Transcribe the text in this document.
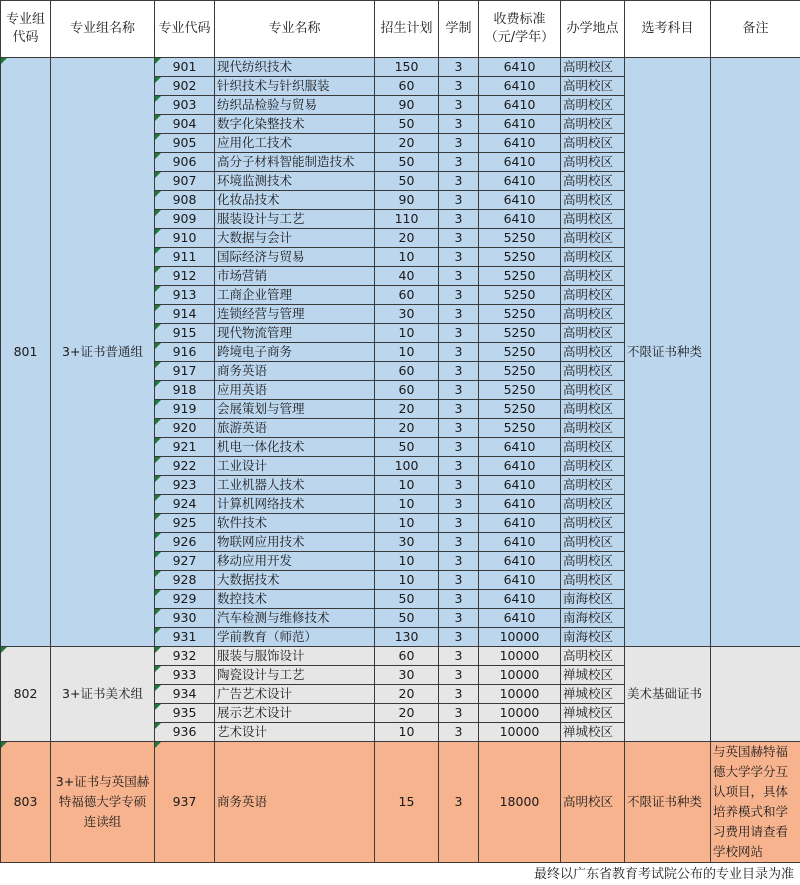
专业组代码	专业组名称	专业代码	专业名称	招生计划	学制	收费标准（元/学年）	办学地点	选考科目	备注
801	3+证书普通组	901	现代纺织技术	150	3	6410	高明校区	不限证书种类	
		902	针织技术与针织服装	60	3	6410	高明校区		
		903	纺织品检验与贸易	90	3	6410	高明校区		
		904	数字化染整技术	50	3	6410	高明校区		
		905	应用化工技术	20	3	6410	高明校区		
		906	高分子材料智能制造技术	50	3	6410	高明校区		
		907	环境监测技术	50	3	6410	高明校区		
		908	化妆品技术	90	3	6410	高明校区		
		909	服装设计与工艺	110	3	6410	高明校区		
		910	大数据与会计	20	3	5250	高明校区		
		911	国际经济与贸易	10	3	5250	高明校区		
		912	市场营销	40	3	5250	高明校区		
		913	工商企业管理	60	3	5250	高明校区		
		914	连锁经营与管理	30	3	5250	高明校区		
		915	现代物流管理	10	3	5250	高明校区		
		916	跨境电子商务	10	3	5250	高明校区		
		917	商务英语	60	3	5250	高明校区		
		918	应用英语	60	3	5250	高明校区		
		919	会展策划与管理	20	3	5250	高明校区		
		920	旅游英语	20	3	5250	高明校区		
		921	机电一体化技术	50	3	6410	高明校区		
		922	工业设计	100	3	6410	高明校区		
		923	工业机器人技术	10	3	6410	高明校区		
		924	计算机网络技术	10	3	6410	高明校区		
		925	软件技术	10	3	6410	高明校区		
		926	物联网应用技术	30	3	6410	高明校区		
		927	移动应用开发	10	3	6410	高明校区		
		928	大数据技术	10	3	6410	高明校区		
		929	数控技术	50	3	6410	南海校区		
		930	汽车检测与维修技术	50	3	6410	南海校区		
		931	学前教育（师范）	130	3	10000	南海校区		
802	3+证书美术组	932	服装与服饰设计	60	3	10000	高明校区	美术基础证书	
		933	陶瓷设计与工艺	30	3	10000	禅城校区		
		934	广告艺术设计	20	3	10000	禅城校区		
		935	展示艺术设计	20	3	10000	禅城校区		
		936	艺术设计	10	3	10000	禅城校区		
803	3+证书与英国赫特福德大学专硕连读组	937	商务英语	15	3	18000	高明校区	不限证书种类	与英国赫特福德大学学分互认项目，具体培养模式和学习费用请查看学校网站
最终以广东省教育考试院公布的专业目录为准
